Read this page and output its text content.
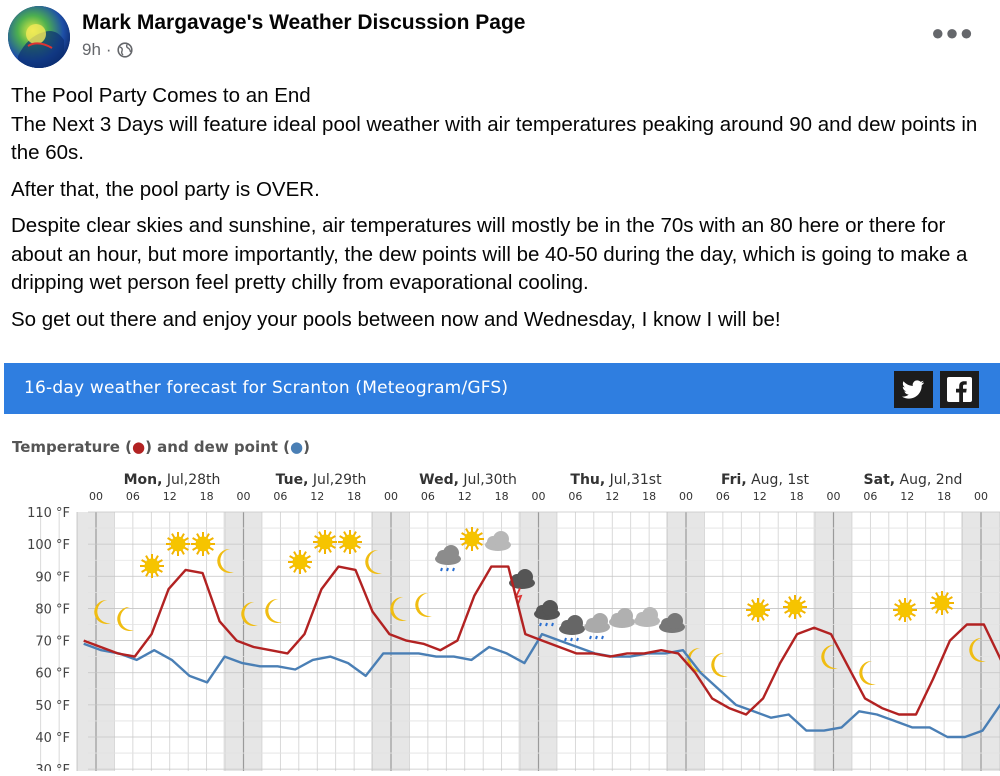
Mark Margavage's Weather Discussion Page
9h ·
●●●

The Pool Party Comes to an End
The Next 3 Days will feature ideal pool weather with air temperatures peaking around 90 and dew points in the 60s.

After that, the pool party is OVER.

Despite clear skies and sunshine, air temperatures will mostly be in the 70s with an 80 here or there for about an hour, but more importantly, the dew points will be 40-50 during the day, which is going to make a dripping wet person feel pretty chilly from evaporational cooling.

So get out there and enjoy your pools between now and Wednesday, I know I will be!

16-day weather forecast for Scranton (Meteogram/GFS)
Temperature (●) and dew point (●)
110 °F
100 °F
90 °F
80 °F
70 °F
60 °F
50 °F
40 °F
30 °F
Mon, Jul,28th	Tue, Jul,29th	Wed, Jul,30th	Thu, Jul,31st	Fri, Aug, 1st	Sat, Aug, 2nd
00 06 12 18 00 06 12 18 00 06 12 18 00 06 12 18 00 06 12 18 00 06 12 18 00
